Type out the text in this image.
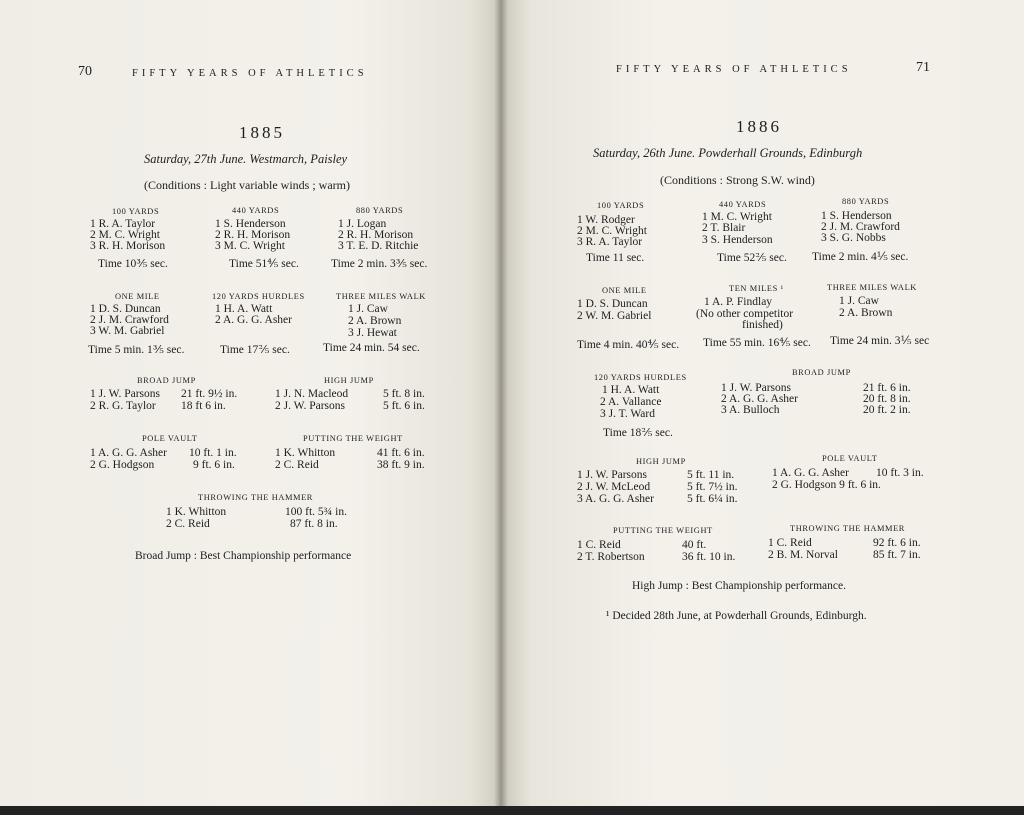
70	FIFTY YEARS OF ATHLETICS
1885
Saturday, 27th June. Westmarch, Paisley
(Conditions : Light variable winds ; warm)
100 YARDS
1 R. A. Taylor
2 M. C. Wright
3 R. H. Morison
Time 10⅗ sec.
440 YARDS
1 S. Henderson
2 R. H. Morison
3 M. C. Wright
Time 51⅘ sec.
880 YARDS
1 J. Logan
2 R. H. Morison
3 T. E. D. Ritchie
Time 2 min. 3⅗ sec.
ONE MILE
1 D. S. Duncan
2 J. M. Crawford
3 W. M. Gabriel
Time 5 min. 1⅗ sec.
120 YARDS HURDLES
1 H. A. Watt
2 A. G. G. Asher
Time 17⅖ sec.
THREE MILES WALK
1 J. Caw
2 A. Brown
3 J. Hewat
Time 24 min. 54 sec.
BROAD JUMP
1 J. W. Parsons 21 ft. 9½ in.
2 R. G. Taylor 18 ft 6 in.
HIGH JUMP
1 J. N. Macleod	5 ft. 8 in.
2 J. W. Parsons	5 ft. 6 in.
POLE VAULT
1 A. G. G. Asher 10 ft. 1 in.
2 G. Hodgson	9 ft. 6 in.
PUTTING THE WEIGHT
1 K. Whitton	41 ft. 6 in.
2 C. Reid	38 ft. 9 in.
THROWING THE HAMMER
1 K. Whitton	100 ft. 5¾ in.
2 C. Reid	87 ft. 8 in.
Broad Jump : Best Championship performance
FIFTY YEARS OF ATHLETICS	71
1886
Saturday, 26th June. Powderhall Grounds, Edinburgh
(Conditions : Strong S.W. wind)
100 YARDS
1 W. Rodger
2 M. C. Wright
3 R. A. Taylor
Time 11 sec.
440 YARDS
1 M. C. Wright
2 T. Blair
3 S. Henderson
Time 52⅖ sec.
880 YARDS
1 S. Henderson
2 J. M. Crawford
3 S. G. Nobbs
Time 2 min. 4⅕ sec.
ONE MILE
1 D. S. Duncan
2 W. M. Gabriel
Time 4 min. 40⅘ sec.
TEN MILES ¹
1 A. P. Findlay
(No other competitor
finished)
Time 55 min. 16⅘ sec.
THREE MILES WALK
1 J. Caw
2 A. Brown
Time 24 min. 3⅕ sec
120 YARDS HURDLES
1 H. A. Watt
2 A. Vallance
3 J. T. Ward
Time 18⅖ sec.
BROAD JUMP
1 J. W. Parsons	21 ft. 6 in.
2 A. G. G. Asher	20 ft. 8 in.
3 A. Bulloch	20 ft. 2 in.
HIGH JUMP
1 J. W. Parsons	5 ft. 11 in.
2 J. W. McLeod	5 ft. 7½ in.
3 A. G. G. Asher	5 ft. 6¼ in.
POLE VAULT
1 A. G. G. Asher 10 ft. 3 in.
2 G. Hodgson 9 ft. 6 in.
PUTTING THE WEIGHT
1 C. Reid	40 ft.
2 T. Robertson	36 ft. 10 in.
THROWING THE HAMMER
1 C. Reid	92 ft. 6 in.
2 B. M. Norval	85 ft. 7 in.
High Jump : Best Championship performance.
¹ Decided 28th June, at Powderhall Grounds, Edinburgh.
